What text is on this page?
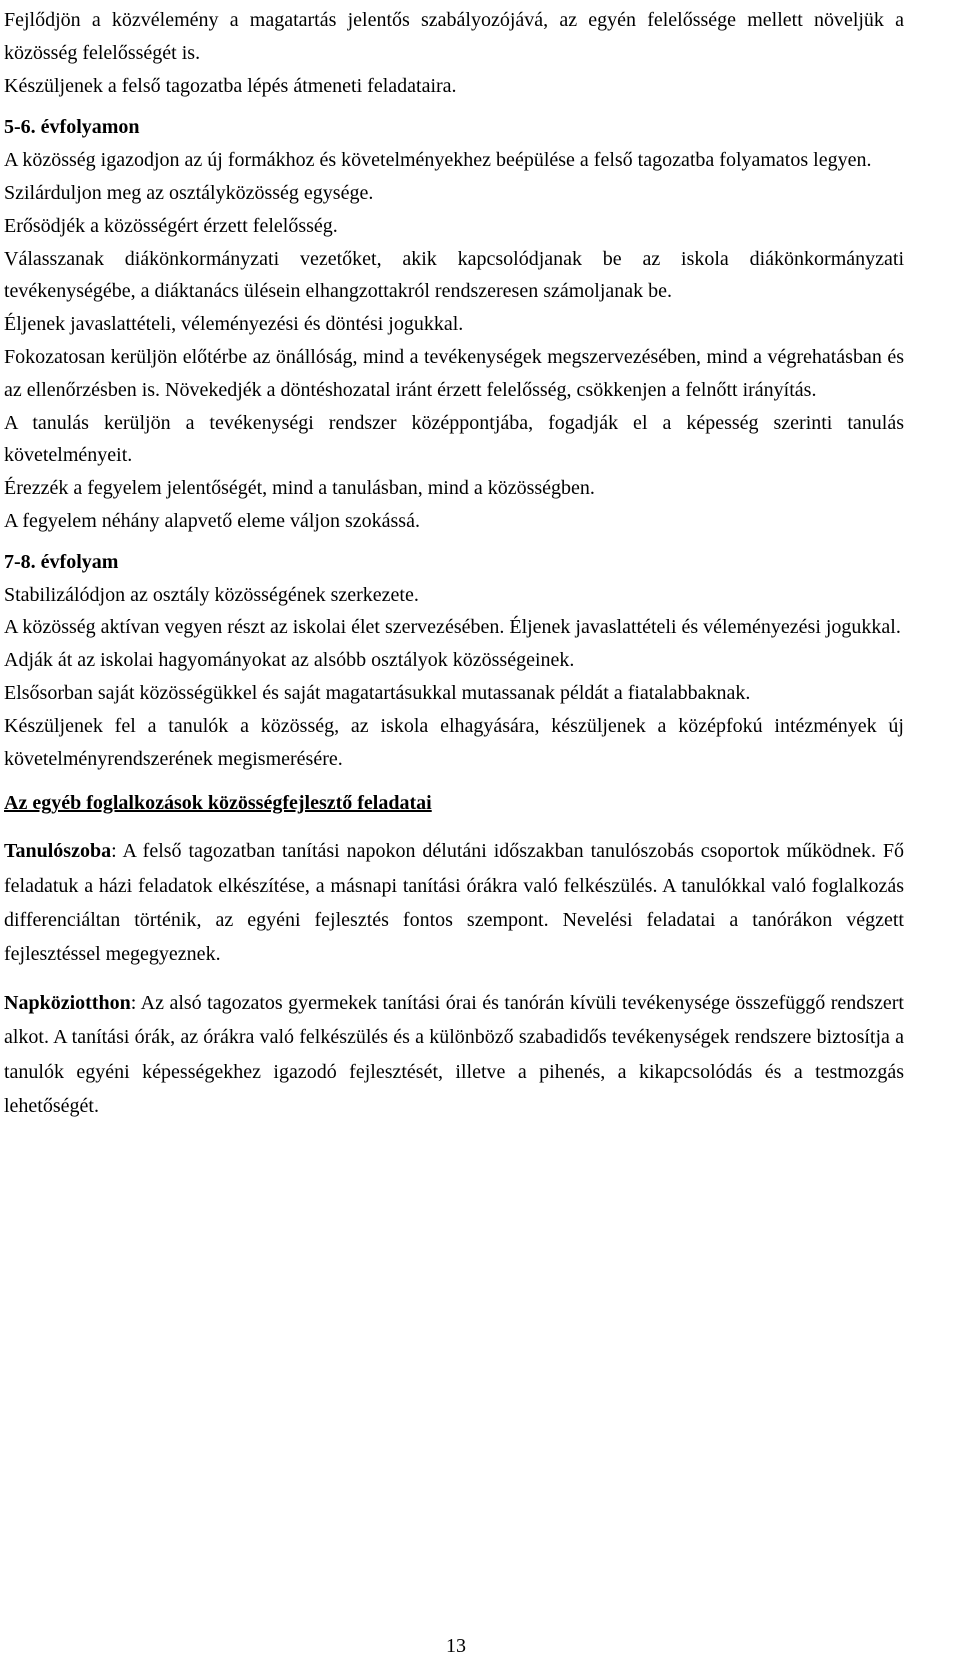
Fejlődjön a közvélemény a magatartás jelentős szabályozójává, az egyén felelőssége mellett növeljük a közösség felelősségét is.

Készüljenek a felső tagozatba lépés átmeneti feladataira.

5-6. évfolyamon

A közösség igazodjon az új formákhoz és követelményekhez beépülése a felső tagozatba folyamatos legyen.

Szilárduljon meg az osztályközösség egysége.

Erősödjék a közösségért érzett felelősség.

Válasszanak diákönkormányzati vezetőket, akik kapcsolódjanak be az iskola diákönkormányzati tevékenységébe, a diáktanács ülésein elhangzottakról rendszeresen számoljanak be.

Éljenek javaslattételi, véleményezési és döntési jogukkal.

Fokozatosan kerüljön előtérbe az önállóság, mind a tevékenységek megszervezésében, mind a végrehatásban és az ellenőrzésben is. Növekedjék a döntéshozatal iránt érzett felelősség, csökkenjen a felnőtt irányítás.

A tanulás kerüljön a tevékenységi rendszer középpontjába, fogadják el a képesség szerinti tanulás követelményeit.

Érezzék a fegyelem jelentőségét, mind a tanulásban, mind a közösségben.

A fegyelem néhány alapvető eleme váljon szokássá.

7-8. évfolyam

Stabilizálódjon az osztály közösségének szerkezete.

A közösség aktívan vegyen részt az iskolai élet szervezésében. Éljenek javaslattételi és véleményezési jogukkal.

Adják át az iskolai hagyományokat az alsóbb osztályok közösségeinek.

Elsősorban saját közösségükkel és saját magatartásukkal mutassanak példát a fiatalabbaknak.

Készüljenek fel a tanulók a közösség, az iskola elhagyására, készüljenek a középfokú intézmények új követelményrendszerének megismerésére.

Az egyéb foglalkozások közösségfejlesztő feladatai

Tanulószoba: A felső tagozatban tanítási napokon délutáni időszakban tanulószobás csoportok működnek. Fő feladatuk a házi feladatok elkészítése, a másnapi tanítási órákra való felkészülés. A tanulókkal való foglalkozás differenciáltan történik, az egyéni fejlesztés fontos szempont. Nevelési feladatai a tanórákon végzett fejlesztéssel megegyeznek.

Napköziotthon: Az alsó tagozatos gyermekek tanítási órai és tanórán kívüli tevékenysége összefüggő rendszert alkot. A tanítási órák, az órákra való felkészülés és a különböző szabadidős tevékenységek rendszere biztosítja a tanulók egyéni képességekhez igazodó fejlesztését, illetve a pihenés, a kikapcsolódás és a testmozgás lehetőségét.

13
